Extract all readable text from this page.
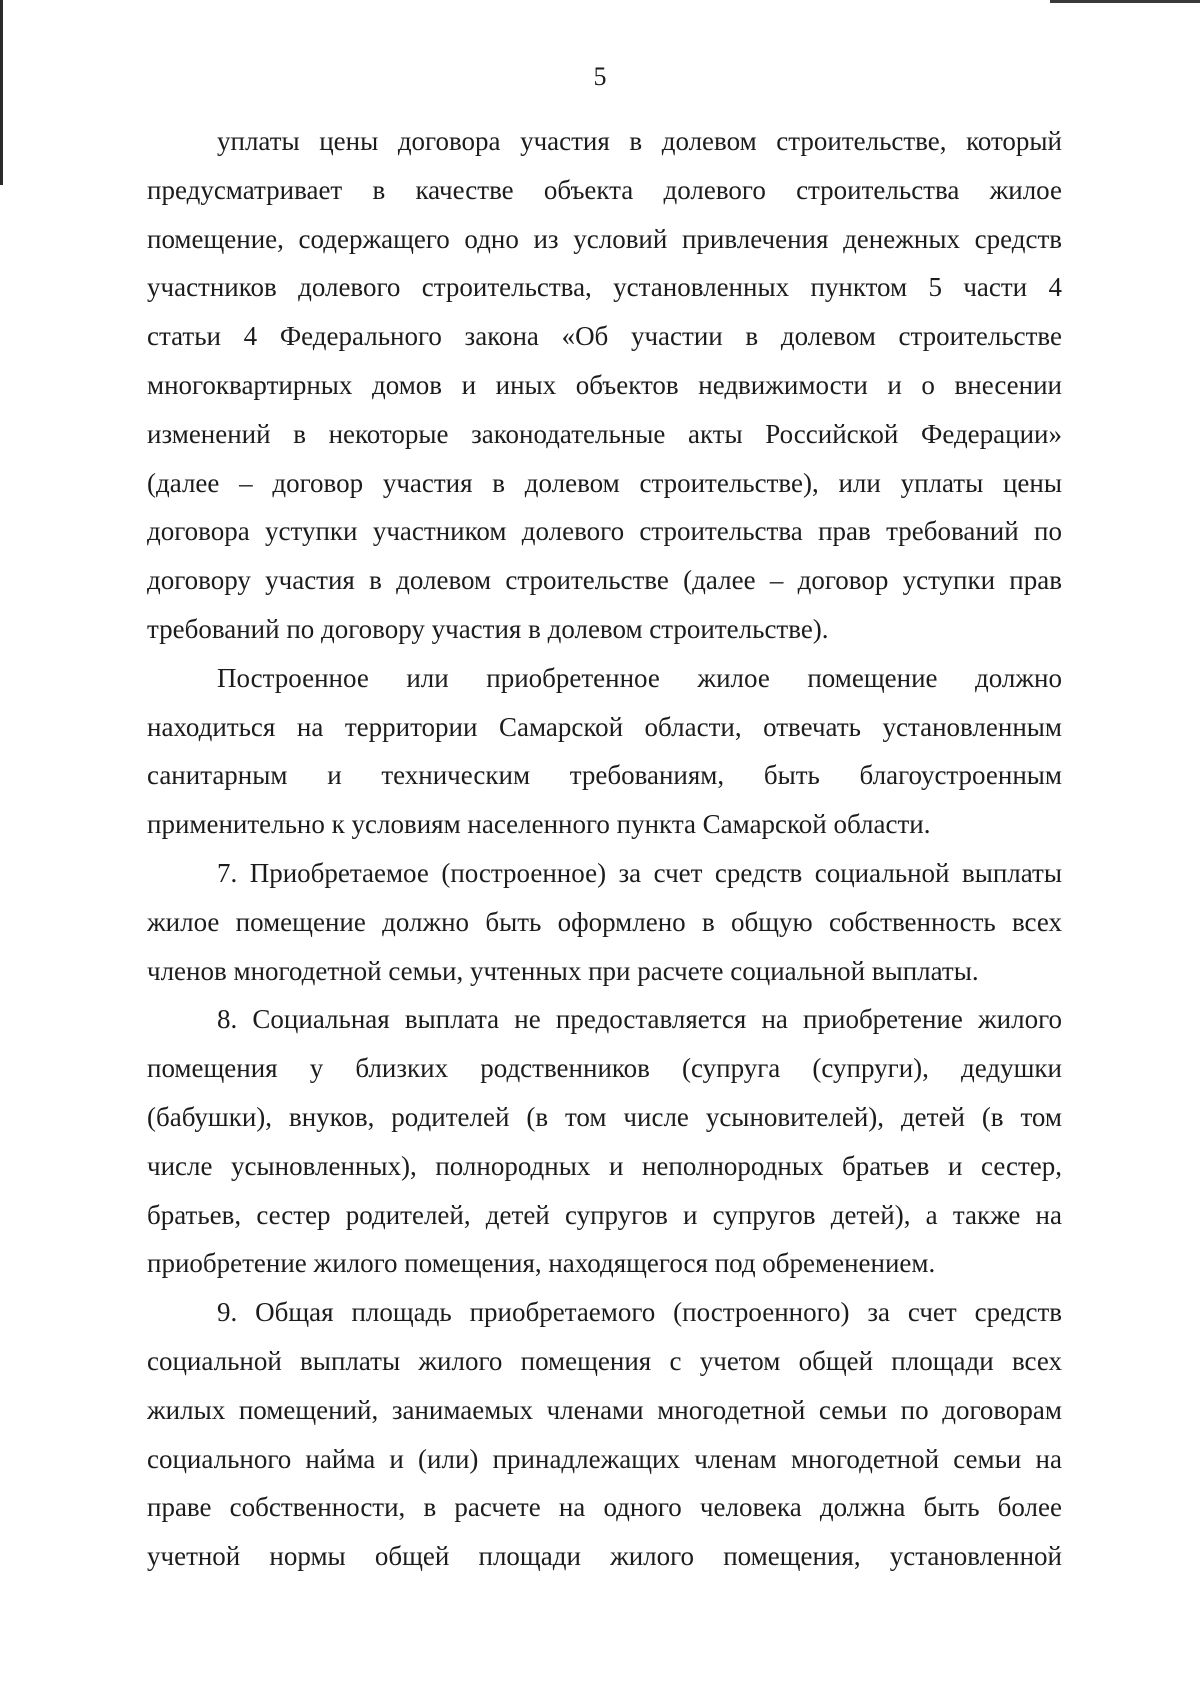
5
уплаты цены договора участия в долевом строительстве, который
предусматривает в качестве объекта долевого строительства жилое
помещение, содержащего одно из условий привлечения денежных средств
участников долевого строительства, установленных пунктом 5 части 4
статьи 4 Федерального закона «Об участии в долевом строительстве
многоквартирных домов и иных объектов недвижимости и о внесении
изменений в некоторые законодательные акты Российской Федерации»
(далее – договор участия в долевом строительстве), или уплаты цены
договора уступки участником долевого строительства прав требований по
договору участия в долевом строительстве (далее – договор уступки прав
требований по договору участия в долевом строительстве).
Построенное или приобретенное жилое помещение должно
находиться на территории Самарской области, отвечать установленным
санитарным и техническим требованиям, быть благоустроенным
применительно к условиям населенного пункта Самарской области.
7. Приобретаемое (построенное) за счет средств социальной выплаты
жилое помещение должно быть оформлено в общую собственность всех
членов многодетной семьи, учтенных при расчете социальной выплаты.
8. Социальная выплата не предоставляется на приобретение жилого
помещения у близких родственников (супруга (супруги), дедушки
(бабушки), внуков, родителей (в том числе усыновителей), детей (в том
числе усыновленных), полнородных и неполнородных братьев и сестер,
братьев, сестер родителей, детей супругов и супругов детей), а также на
приобретение жилого помещения, находящегося под обременением.
9. Общая площадь приобретаемого (построенного) за счет средств
социальной выплаты жилого помещения с учетом общей площади всех
жилых помещений, занимаемых членами многодетной семьи по договорам
социального найма и (или) принадлежащих членам многодетной семьи на
праве собственности, в расчете на одного человека должна быть более
учетной нормы общей площади жилого помещения, установленной
